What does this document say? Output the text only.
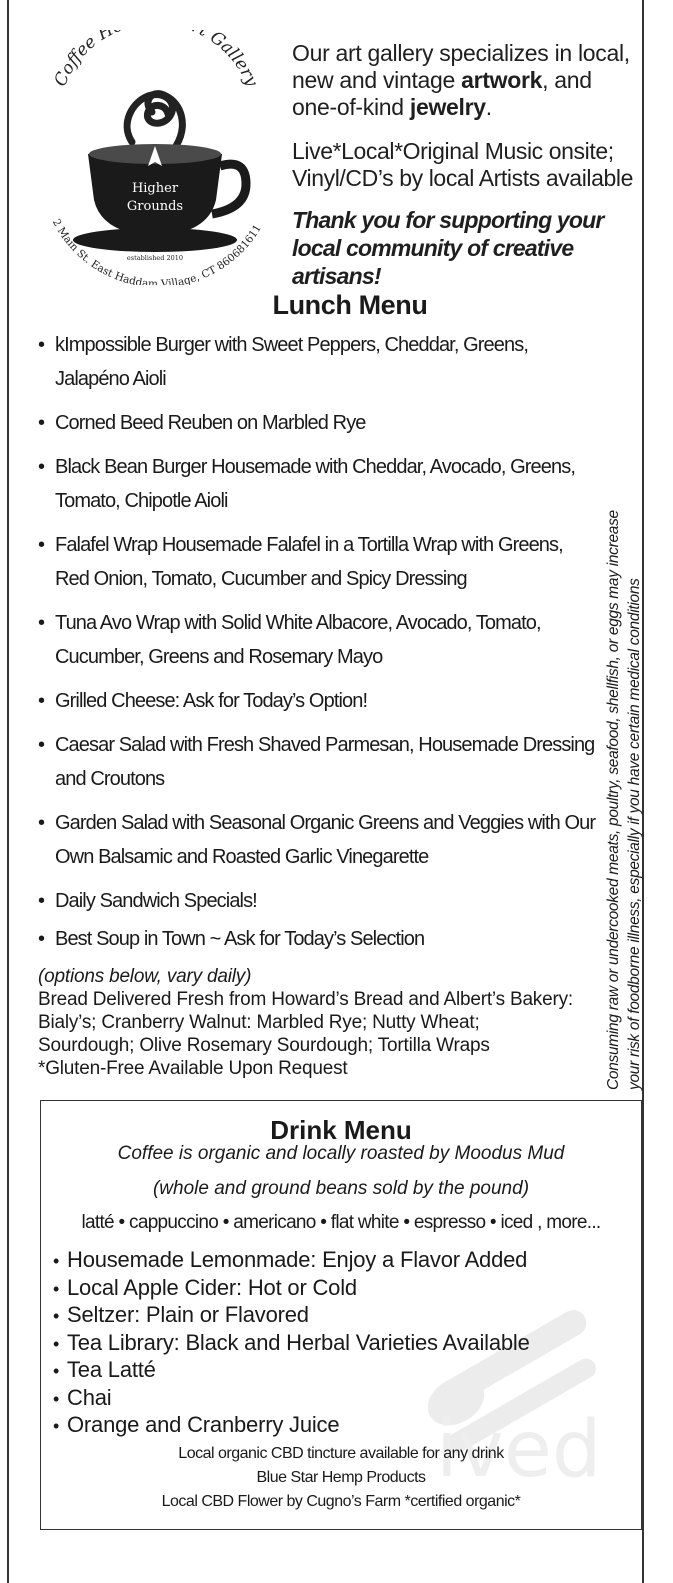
Coffee H t Gallery
Higher
Grounds
established 2010
2 Main St. East Haddam Village, CT 860681611

Our art gallery specializes in local, new and vintage artwork, and one-of-kind jewelry.

Live*Local*Original Music onsite; Vinyl/CD’s by local Artists available

Thank you for supporting your local community of creative artisans!

Lunch Menu
• kImpossible Burger with Sweet Peppers, Cheddar, Greens, Jalapéno Aioli
• Corned Beed Reuben on Marbled Rye
• Black Bean Burger Housemade with Cheddar, Avocado, Greens, Tomato, Chipotle Aioli
• Falafel Wrap Housemade Falafel in a Tortilla Wrap with Greens, Red Onion, Tomato, Cucumber and Spicy Dressing
• Tuna Avo Wrap with Solid White Albacore, Avocado, Tomato, Cucumber, Greens and Rosemary Mayo
• Grilled Cheese: Ask for Today’s Option!
• Caesar Salad with Fresh Shaved Parmesan, Housemade Dressing and Croutons
• Garden Salad with Seasonal Organic Greens and Veggies with Our Own Balsamic and Roasted Garlic Vinegarette
• Daily Sandwich Specials!
• Best Soup in Town ~ Ask for Today’s Selection
(options below, vary daily)
Bread Delivered Fresh from Howard’s Bread and Albert’s Bakery:
Bialy’s; Cranberry Walnut: Marbled Rye; Nutty Wheat;
Sourdough; Olive Rosemary Sourdough; Tortilla Wraps
*Gluten-Free Available Upon Request	Consuming raw or undercooked meats, poultry, seafood, shellfish, or eggs may increase your risk of foodborne illness, especially if you have certain medical conditions
ived
Drink Menu
Coffee is organic and locally roasted by Moodus Mud
(whole and ground beans sold by the pound)
latté • cappuccino • americano • flat white • espresso • iced , more...
• Housemade Lemonmade: Enjoy a Flavor Added
• Local Apple Cider: Hot or Cold
• Seltzer: Plain or Flavored
• Tea Library: Black and Herbal Varieties Available
• Tea Latté
• Chai
• Orange and Cranberry Juice
Local organic CBD tincture available for any drink
Blue Star Hemp Products
Local CBD Flower by Cugno’s Farm *certified organic*
